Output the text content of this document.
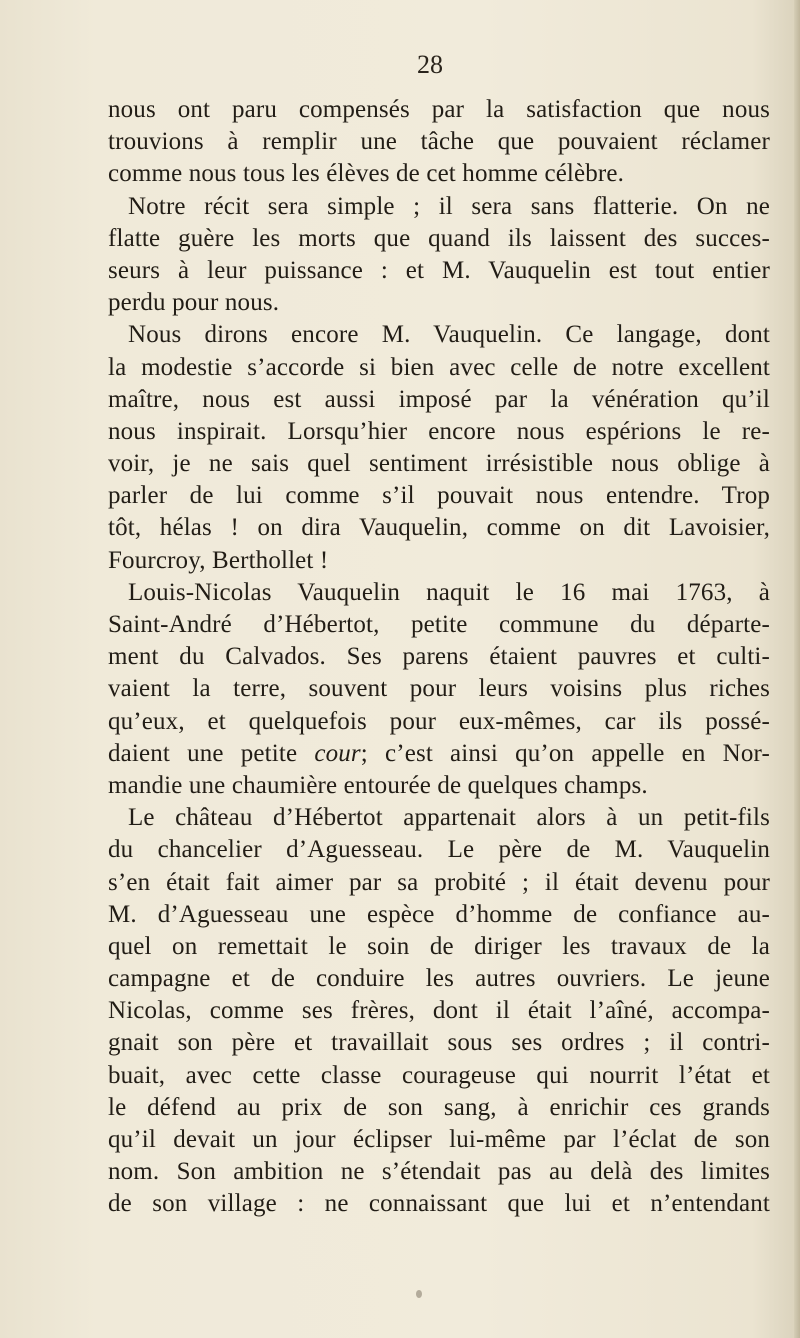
28
nous ont paru compensés par la satisfaction que nous
trouvions à remplir une tâche que pouvaient réclamer
comme nous tous les élèves de cet homme célèbre.
Notre récit sera simple ; il sera sans flatterie. On ne
flatte guère les morts que quand ils laissent des succes-
seurs à leur puissance : et M. Vauquelin est tout entier
perdu pour nous.
Nous dirons encore M. Vauquelin. Ce langage, dont
la modestie s’accorde si bien avec celle de notre excellent
maître, nous est aussi imposé par la vénération qu’il
nous inspirait. Lorsqu’hier encore nous espérions le re-
voir, je ne sais quel sentiment irrésistible nous oblige à
parler de lui comme s’il pouvait nous entendre. Trop
tôt, hélas ! on dira Vauquelin, comme on dit Lavoisier,
Fourcroy, Berthollet !
Louis-Nicolas Vauquelin naquit le 16 mai 1763, à
Saint-André d’Hébertot, petite commune du départe-
ment du Calvados. Ses parens étaient pauvres et culti-
vaient la terre, souvent pour leurs voisins plus riches
qu’eux, et quelquefois pour eux-mêmes, car ils possé-
daient une petite cour; c’est ainsi qu’on appelle en Nor-
mandie une chaumière entourée de quelques champs.
Le château d’Hébertot appartenait alors à un petit-fils
du chancelier d’Aguesseau. Le père de M. Vauquelin
s’en était fait aimer par sa probité ; il était devenu pour
M. d’Aguesseau une espèce d’homme de confiance au-
quel on remettait le soin de diriger les travaux de la
campagne et de conduire les autres ouvriers. Le jeune
Nicolas, comme ses frères, dont il était l’aîné, accompa-
gnait son père et travaillait sous ses ordres ; il contri-
buait, avec cette classe courageuse qui nourrit l’état et
le défend au prix de son sang, à enrichir ces grands
qu’il devait un jour éclipser lui-même par l’éclat de son
nom. Son ambition ne s’étendait pas au delà des limites
de son village : ne connaissant que lui et n’entendant
